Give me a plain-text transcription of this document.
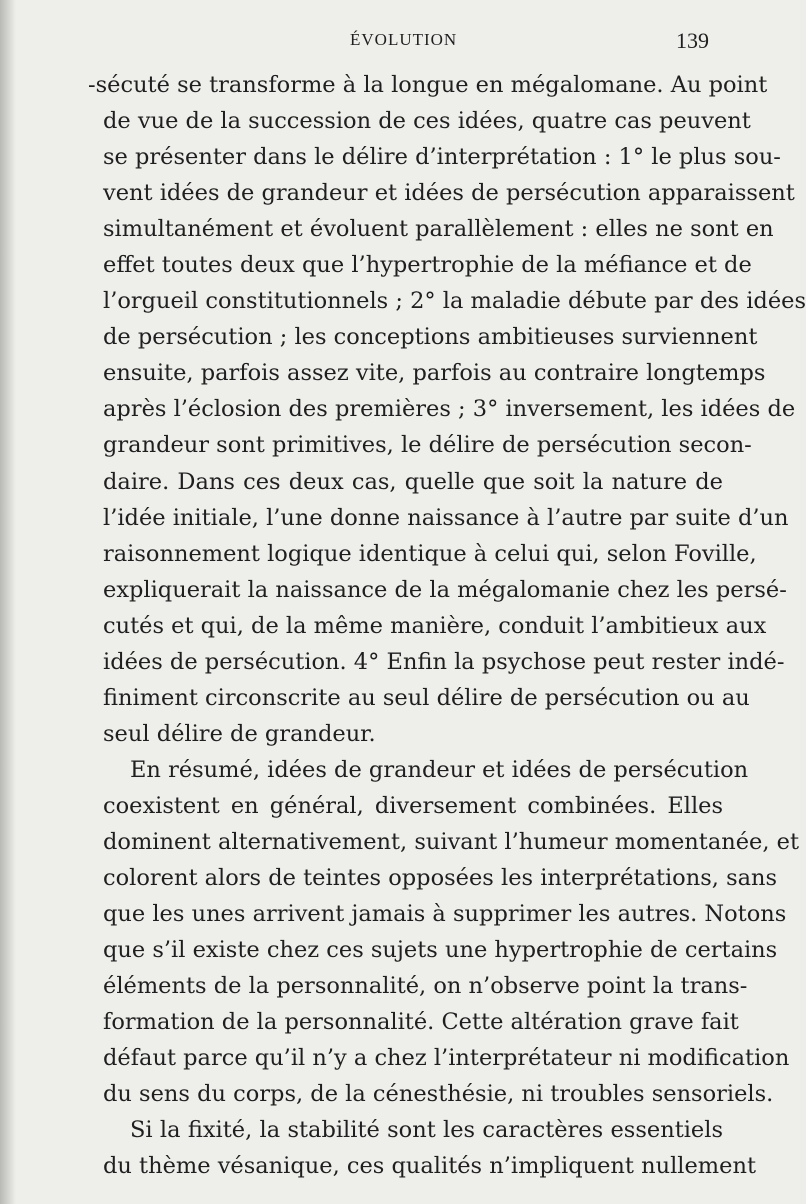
ÉVOLUTION	139
-sécuté se transforme à la longue en mégalomane. Au point
de vue de la succession de ces idées, quatre cas peuvent
se présenter dans le délire d’interprétation : 1° le plus sou-
vent idées de grandeur et idées de persécution apparaissent
simultanément et évoluent parallèlement : elles ne sont en
effet toutes deux que l’hypertrophie de la méfiance et de
l’orgueil constitutionnels ; 2° la maladie débute par des idées
de persécution ; les conceptions ambitieuses surviennent
ensuite, parfois assez vite, parfois au contraire longtemps
après l’éclosion des premières ; 3° inversement, les idées de
grandeur sont primitives, le délire de persécution secon-
daire. Dans ces deux cas, quelle que soit la nature de
l’idée initiale, l’une donne naissance à l’autre par suite d’un
raisonnement logique identique à celui qui, selon Foville,
expliquerait la naissance de la mégalomanie chez les persé-
cutés et qui, de la même manière, conduit l’ambitieux aux
idées de persécution. 4° Enfin la psychose peut rester indé-
finiment circonscrite au seul délire de persécution ou au
seul délire de grandeur.
En résumé, idées de grandeur et idées de persécution
coexistent en général, diversement combinées. Elles
dominent alternativement, suivant l’humeur momentanée, et
colorent alors de teintes opposées les interprétations, sans
que les unes arrivent jamais à supprimer les autres. Notons
que s’il existe chez ces sujets une hypertrophie de certains
éléments de la personnalité, on n’observe point la trans-
formation de la personnalité. Cette altération grave fait
défaut parce qu’il n’y a chez l’interprétateur ni modification
du sens du corps, de la cénesthésie, ni troubles sensoriels.
Si la fixité, la stabilité sont les caractères essentiels
du thème vésanique, ces qualités n’impliquent nullement
